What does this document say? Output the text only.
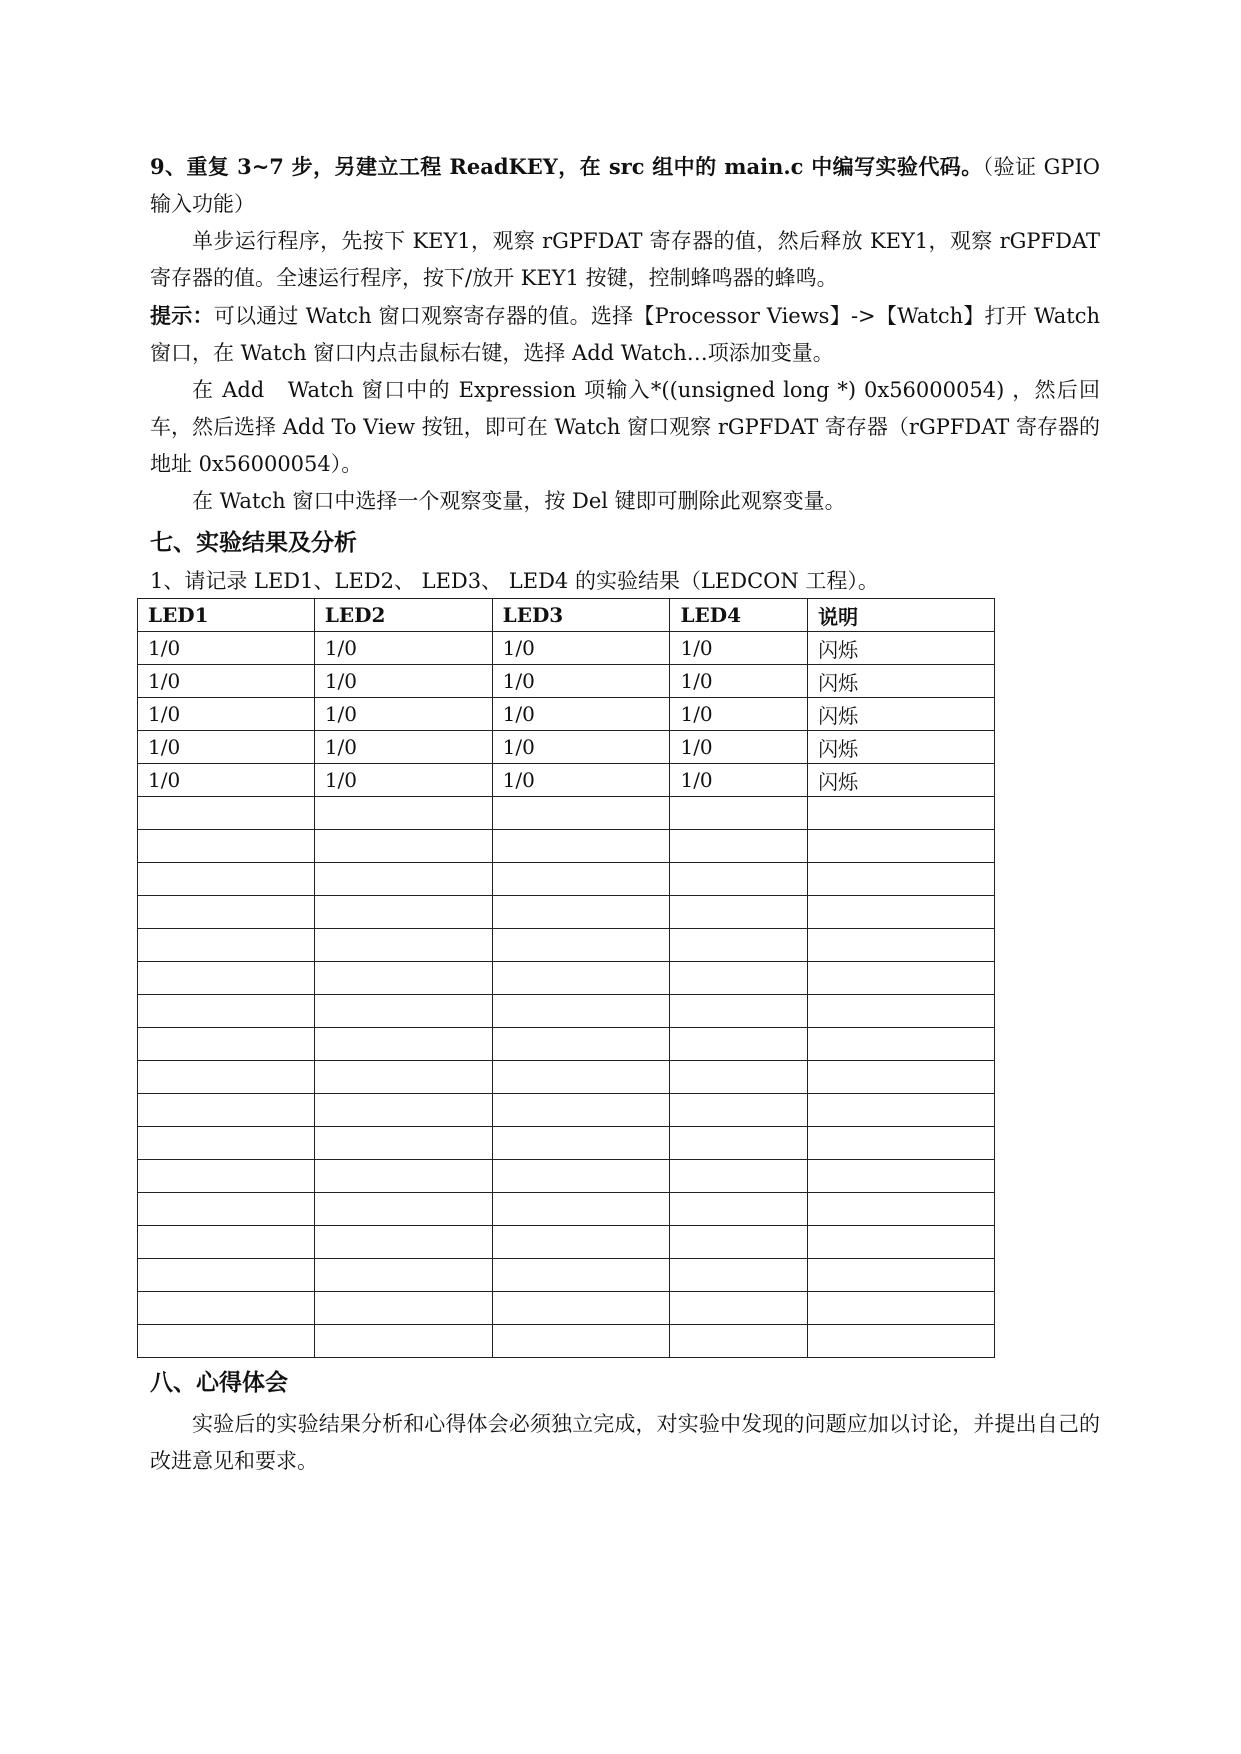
9、重复 3~7 步，另建立工程 ReadKEY，在 src 组中的 main.c 中编写实验代码。（验证 GPIO 输入功能）

单步运行程序，先按下 KEY1，观察 rGPFDAT 寄存器的值，然后释放 KEY1，观察 rGPFDAT 寄存器的值。全速运行程序，按下/放开 KEY1 按键，控制蜂鸣器的蜂鸣。

提示：可以通过 Watch 窗口观察寄存器的值。选择【Processor Views】->【Watch】打开 Watch 窗口，在 Watch 窗口内点击鼠标右键，选择 Add Watch…项添加变量。

在 Add　Watch 窗口中的 Expression 项输入*((unsigned long *) 0x56000054) ，然后回车，然后选择 Add To View 按钮，即可在 Watch 窗口观察 rGPFDAT 寄存器（rGPFDAT 寄存器的地址 0x56000054）。

在 Watch 窗口中选择一个观察变量，按 Del 键即可删除此观察变量。

七、实验结果及分析

1、请记录 LED1、LED2、 LED3、 LED4 的实验结果（LEDCON 工程）。

LED1	LED2	LED3	LED4	说明
1/0	1/0	1/0	1/0	闪烁
1/0	1/0	1/0	1/0	闪烁
1/0	1/0	1/0	1/0	闪烁
1/0	1/0	1/0	1/0	闪烁
1/0	1/0	1/0	1/0	闪烁

八、心得体会

实验后的实验结果分析和心得体会必须独立完成，对实验中发现的问题应加以讨论，并提出自己的改进意见和要求。
